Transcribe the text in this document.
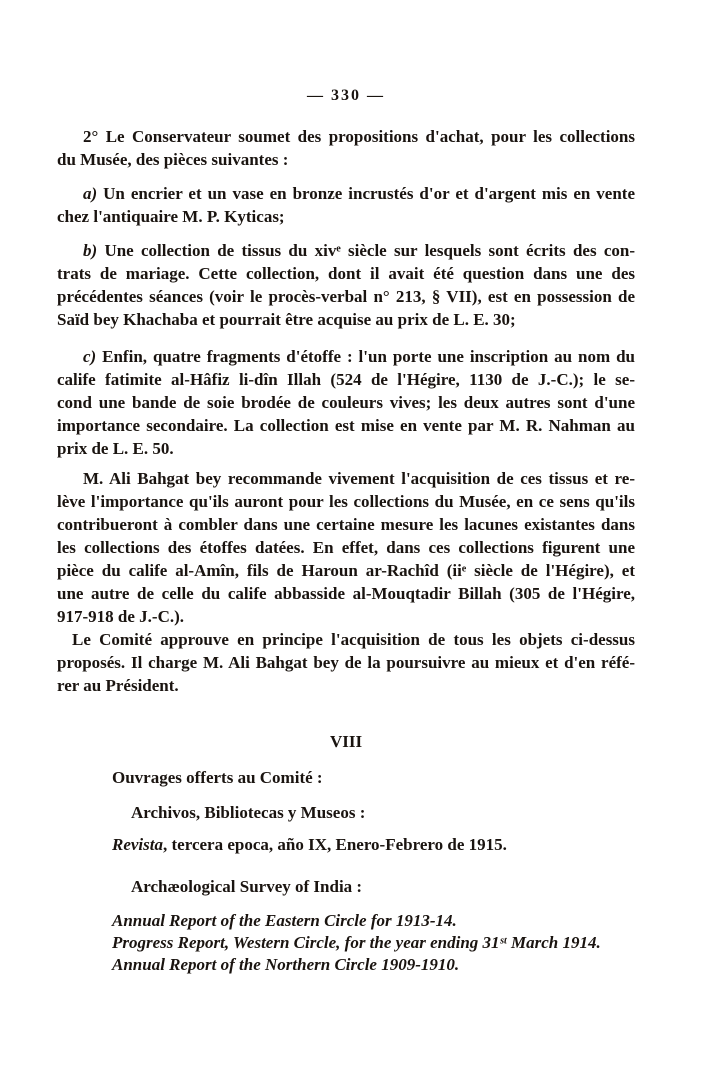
— 330 —
2° Le Conservateur soumet des propositions d'achat, pour les collections
du Musée, des pièces suivantes :
a) Un encrier et un vase en bronze incrustés d'or et d'argent mis en vente
chez l'antiquaire M. P. Kyticas;
b) Une collection de tissus du xivᵉ siècle sur lesquels sont écrits des con-
trats de mariage. Cette collection, dont il avait été question dans une des
précédentes séances (voir le procès-verbal n° 213, § VII), est en possession de
Saïd bey Khachaba et pourrait être acquise au prix de L. E. 30;
c) Enfin, quatre fragments d'étoffe : l'un porte une inscription au nom du
calife fatimite al-Hâfiz li-dîn Illah (524 de l'Hégire, 1130 de J.-C.); le se-
cond une bande de soie brodée de couleurs vives; les deux autres sont d'une
importance secondaire. La collection est mise en vente par M. R. Nahman au
prix de L. E. 50.
M. Ali Bahgat bey recommande vivement l'acquisition de ces tissus et re-
lève l'importance qu'ils auront pour les collections du Musée, en ce sens qu'ils
contribueront à combler dans une certaine mesure les lacunes existantes dans
les collections des étoffes datées. En effet, dans ces collections figurent une
pièce du calife al-Amîn, fils de Haroun ar-Rachîd (iiᵉ siècle de l'Hégire), et
une autre de celle du calife abbasside al-Mouqtadir Billah (305 de l'Hégire,
917-918 de J.-C.).
Le Comité approuve en principe l'acquisition de tous les objets ci-dessus
proposés. Il charge M. Ali Bahgat bey de la poursuivre au mieux et d'en réfé-
rer au Président.
VIII
Ouvrages offerts au Comité :
Archivos, Bibliotecas y Museos :
Revista, tercera epoca, año IX, Enero-Febrero de 1915.
Archæological Survey of India :
Annual Report of the Eastern Circle for 1913-14.
Progress Report, Western Circle, for the year ending 31ˢᵗ March 1914.
Annual Report of the Northern Circle 1909-1910.
